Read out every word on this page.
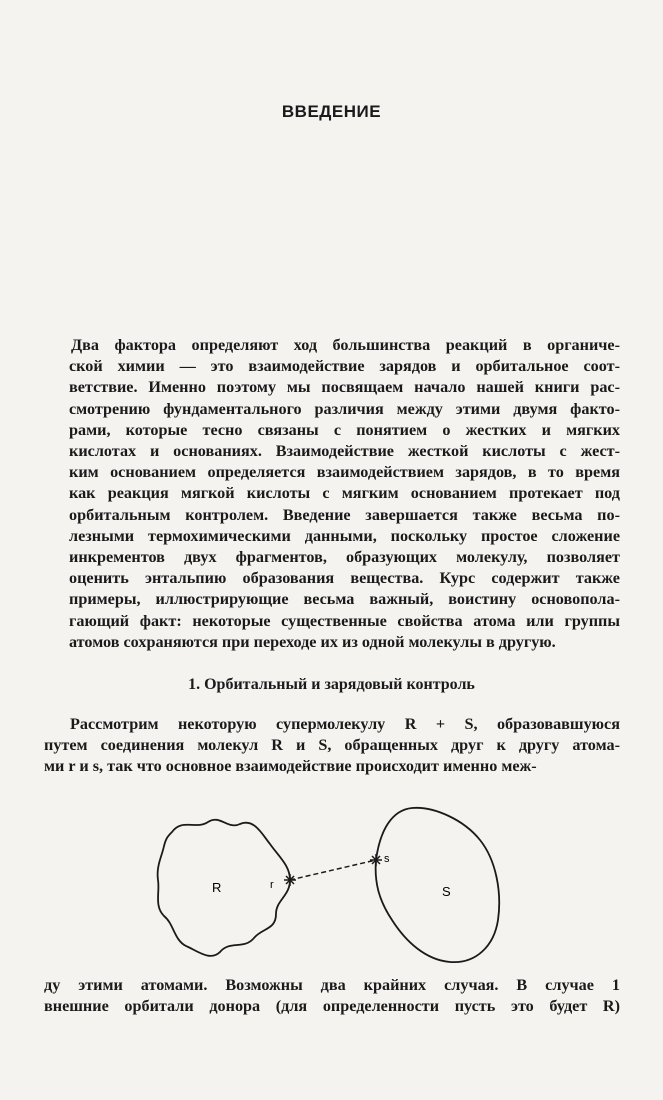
ВВЕДЕНИЕ
Два фактора определяют ход большинства реакций в органиче-
ской химии — это взаимодействие зарядов и орбитальное соот-
ветствие. Именно поэтому мы посвящаем начало нашей книги рас-
смотрению фундаментального различия между этими двумя факто-
рами, которые тесно связаны с понятием о жестких и мягких
кислотах и основаниях. Взаимодействие жесткой кислоты с жест-
ким основанием определяется взаимодействием зарядов, в то время
как реакция мягкой кислоты с мягким основанием протекает под
орбитальным контролем. Введение завершается также весьма по-
лезными термохимическими данными, поскольку простое сложение
инкрементов двух фрагментов, образующих молекулу, позволяет
оценить энтальпию образования вещества. Курс содержит также
примеры, иллюстрирующие весьма важный, воистину основопола-
гающий факт: некоторые существенные свойства атома или группы
атомов сохраняются при переходе их из одной молекулы в другую.
1. Орбитальный и зарядовый контроль
Рассмотрим некоторую супермолекулу R + S, образовавшуюся
путем соединения молекул R и S, обращенных друг к другу атома-
ми r и s, так что основное взаимодействие происходит именно меж-
R	r	S
s
ду этими атомами. Возможны два крайних случая. В случае 1
внешние орбитали донора (для определенности пусть это будет R)
